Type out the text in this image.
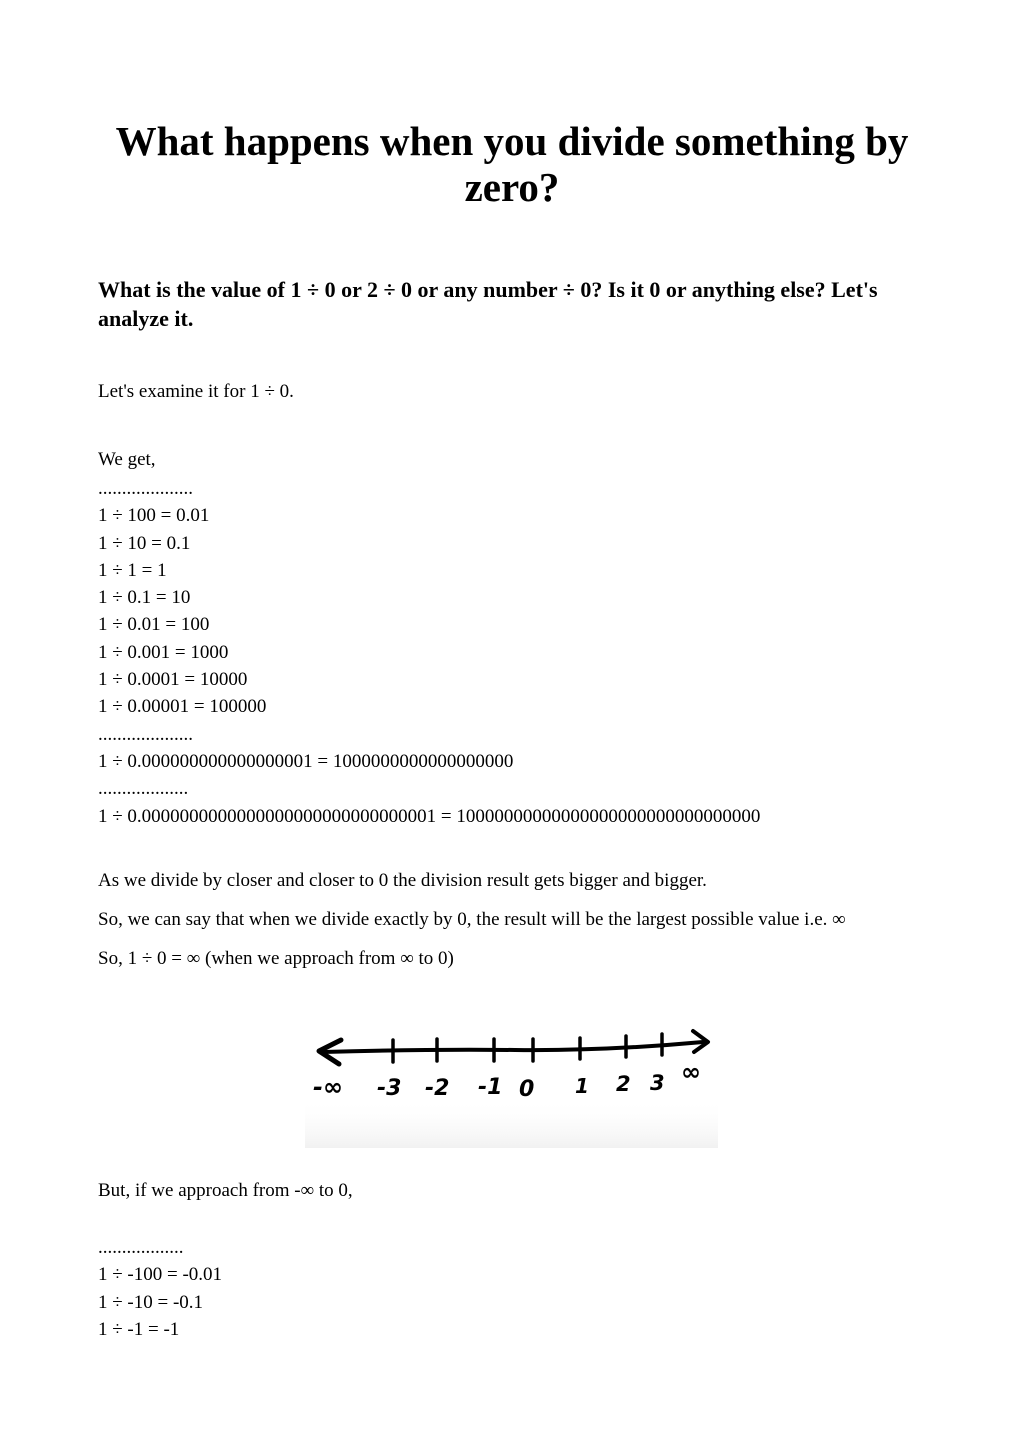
What happens when you divide something by zero?
What is the value of 1 ÷ 0 or 2 ÷ 0 or any number ÷ 0? Is it 0 or anything else? Let's analyze it.

Let's examine it for 1 ÷ 0.

We get,

....................
1 ÷ 100 = 0.01
1 ÷ 10 = 0.1
1 ÷ 1 = 1
1 ÷ 0.1 = 10
1 ÷ 0.01 = 100
1 ÷ 0.001 = 1000
1 ÷ 0.0001 = 10000
1 ÷ 0.00001 = 100000
....................
1 ÷ 0.000000000000000001 = 1000000000000000000
...................
1 ÷ 0.0000000000000000000000000000001 = 10000000000000000000000000000000

As we divide by closer and closer to 0 the division result gets bigger and bigger.

So, we can say that when we divide exactly by 0, the result will be the largest possible value i.e. ∞

So, 1 ÷ 0 = ∞ (when we approach from ∞ to 0)

-∞ -3 -2 -1 0 1 2 3 ∞

But, if we approach from -∞ to 0,

..................
1 ÷ -100 = -0.01
1 ÷ -10 = -0.1
1 ÷ -1 = -1
